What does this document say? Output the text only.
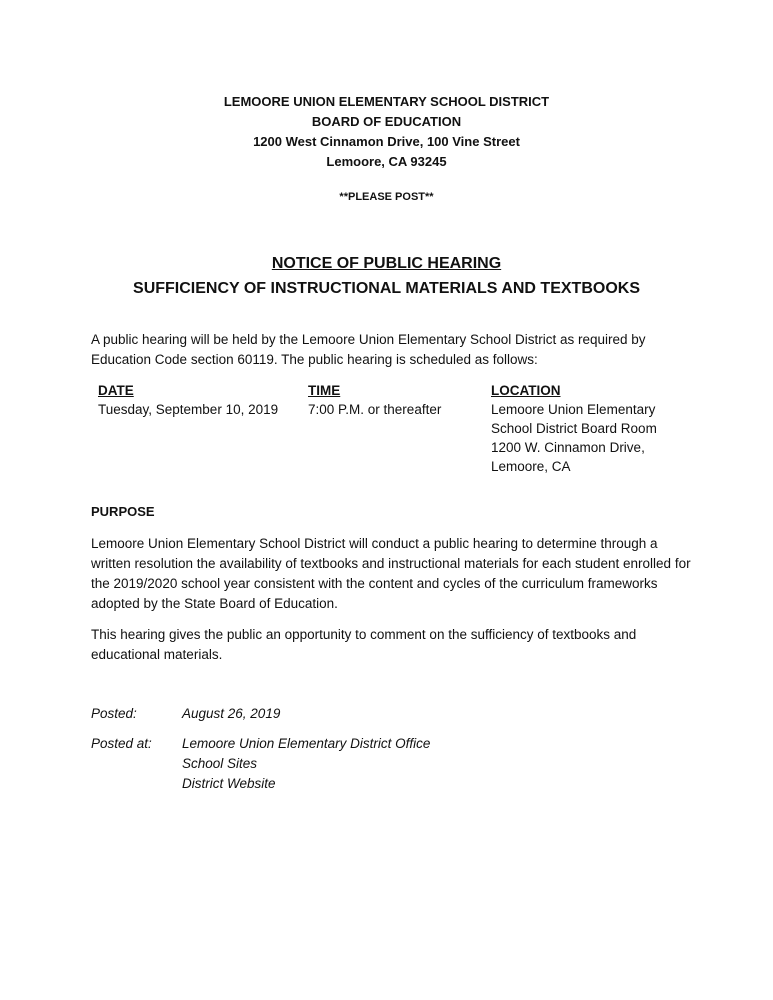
LEMOORE UNION ELEMENTARY SCHOOL DISTRICT
BOARD OF EDUCATION
1200 West Cinnamon Drive, 100 Vine Street
Lemoore, CA 93245
**PLEASE POST**
NOTICE OF PUBLIC HEARING
SUFFICIENCY OF INSTRUCTIONAL MATERIALS AND TEXTBOOKS
A public hearing will be held by the Lemoore Union Elementary School District as required by Education Code section 60119. The public hearing is scheduled as follows:
DATE
Tuesday, September 10, 2019
TIME
7:00 P.M. or thereafter
LOCATION
Lemoore Union Elementary
School District Board Room
1200 W. Cinnamon Drive,
Lemoore, CA
PURPOSE
Lemoore Union Elementary School District will conduct a public hearing to determine through a written resolution the availability of textbooks and instructional materials for each student enrolled for the 2019/2020 school year consistent with the content and cycles of the curriculum frameworks adopted by the State Board of Education.
This hearing gives the public an opportunity to comment on the sufficiency of textbooks and educational materials.
Posted:	August 26, 2019
Posted at:	Lemoore Union Elementary District Office
School Sites
District Website
